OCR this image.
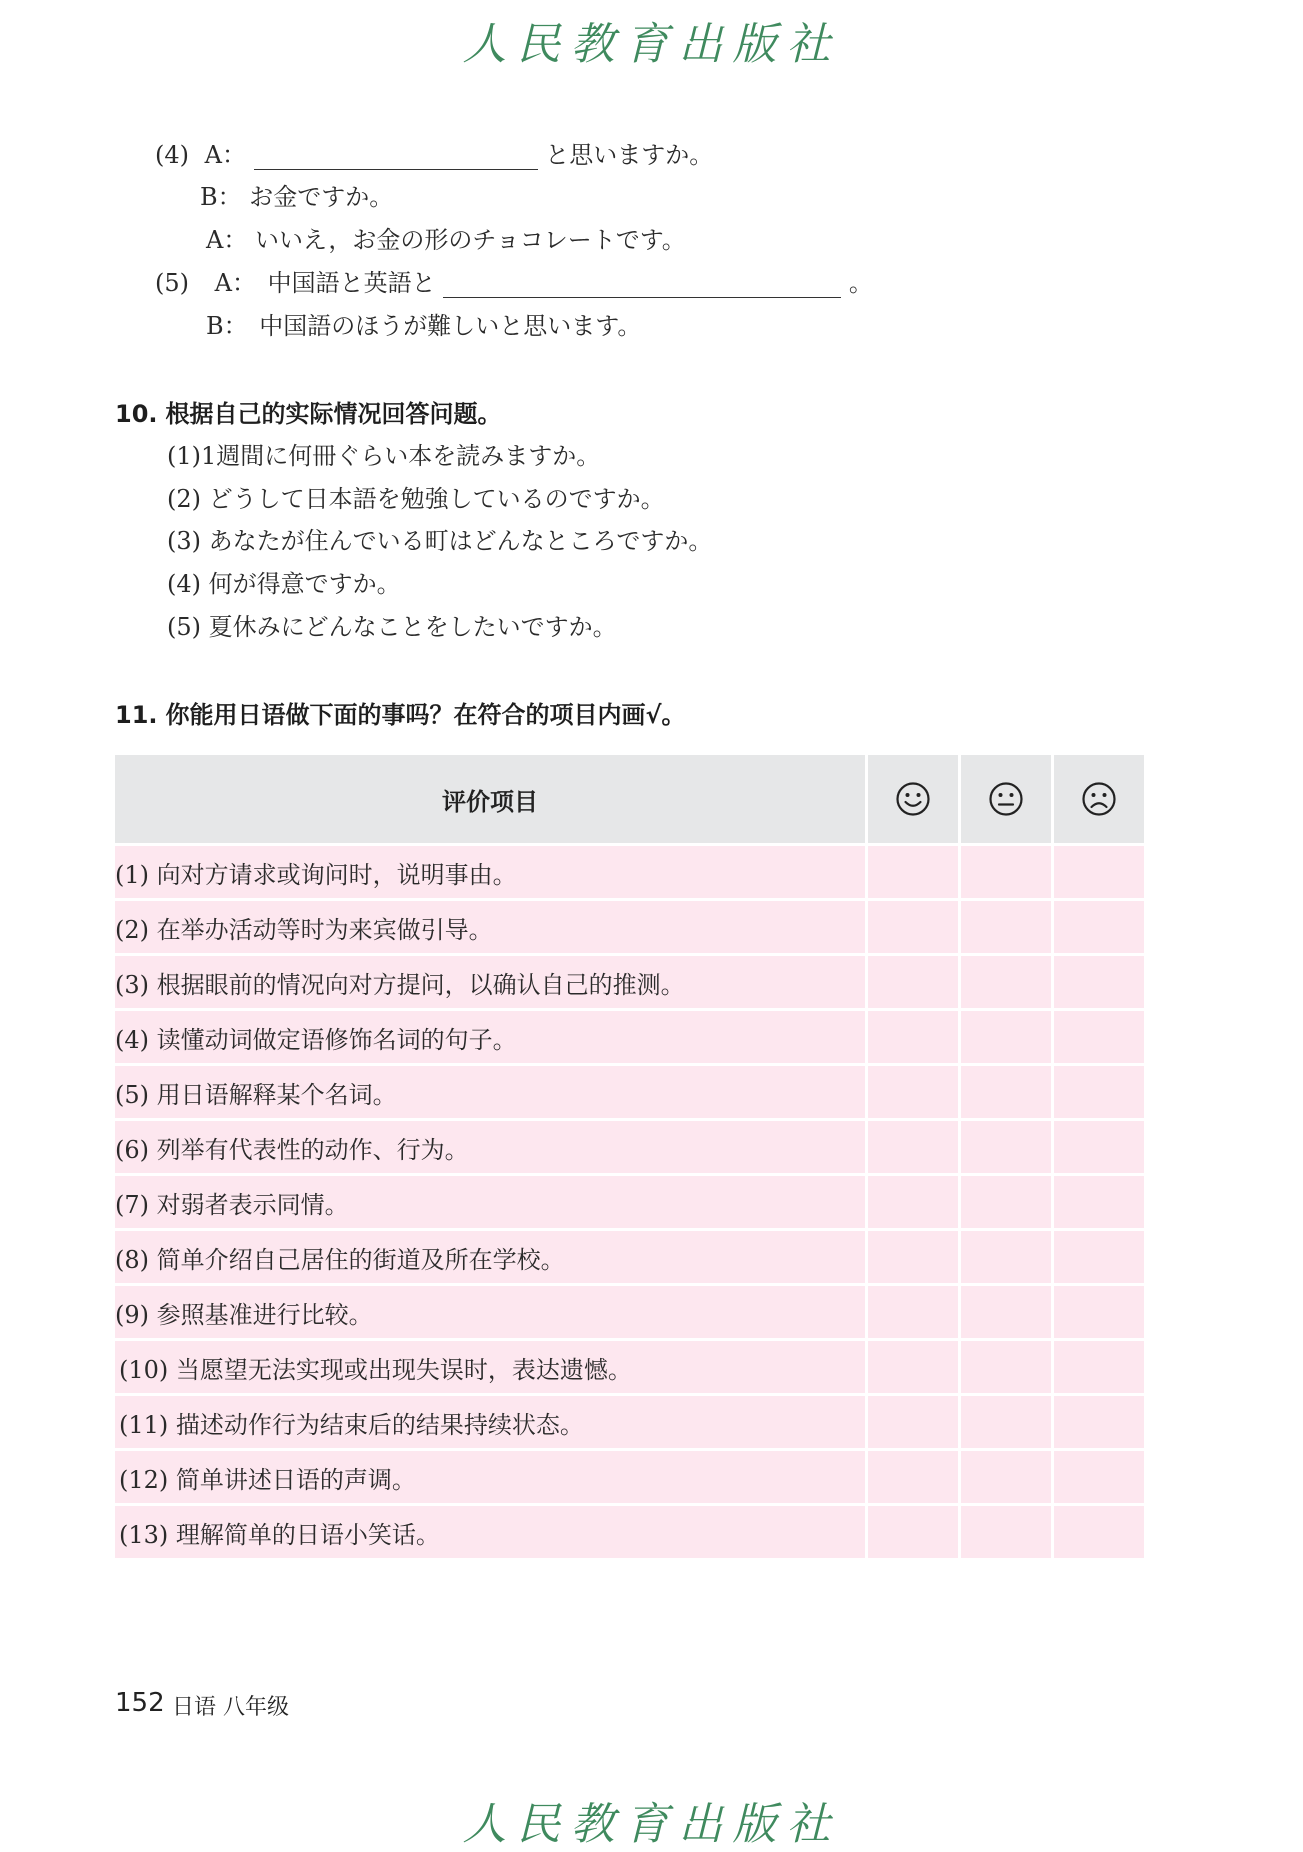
人民教育出版社
(4) A：	と思いますか。
B： お金ですか。
A： いいえ，お金の形のチョコレートです。
(5) A： 中国語と英語と	。
B： 中国語のほうが難しいと思います。
10. 根据自己的实际情况回答问题。
(1)1週間に何冊ぐらい本を読みますか。
(2) どうして日本語を勉強しているのですか。
(3) あなたが住んでいる町はどんなところですか。
(4) 何が得意ですか。
(5) 夏休みにどんなことをしたいですか。
11. 你能用日语做下面的事吗？在符合的项目内画√。
评价项目			
(1) 向对方请求或询问时，说明事由。			
(2) 在举办活动等时为来宾做引导。			
(3) 根据眼前的情况向对方提问，以确认自己的推测。			
(4) 读懂动词做定语修饰名词的句子。			
(5) 用日语解释某个名词。			
(6) 列举有代表性的动作、行为。			
(7) 对弱者表示同情。			
(8) 简单介绍自己居住的街道及所在学校。			
(9) 参照基准进行比较。			
(10) 当愿望无法实现或出现失误时，表达遗憾。			
(11) 描述动作行为结束后的结果持续状态。			
(12) 简单讲述日语的声调。			
(13) 理解简单的日语小笑话。			
152 日语 八年级
人民教育出版社
